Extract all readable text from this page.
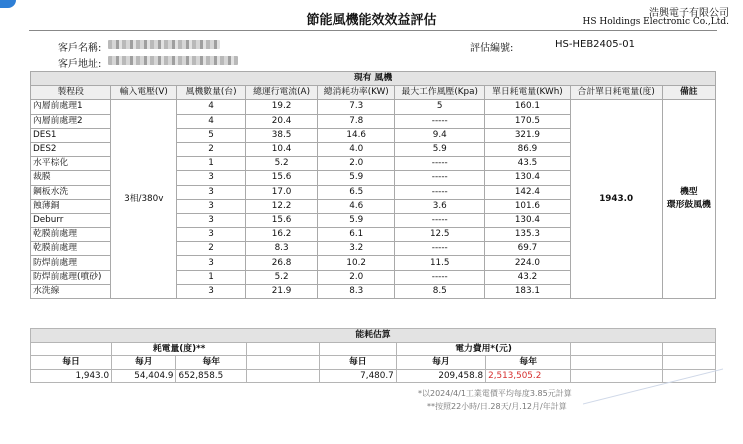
節能風機能效效益評估	浩興電子有限公司
HS Holdings Electronic Co.,Ltd.
客戶名稱:
客戶地址:
評估編號:	HS-HEB2405-01
現有 風機								
製程段	輸入電壓(V)	風機數量(台)	總運行電流(A)	總消耗功率(KW)	最大工作風壓(Kpa)	單日耗電量(KWh)	合計單日耗電量(度)	備註
內層前處理1	3相/380v	4	19.2	7.3	5	160.1	1943.0	機型
環形鼓風機

內層前處理2		4	20.4	7.8	-----	170.5		
DES1		5	38.5	14.6	9.4	321.9		
DES2		2	10.4	4.0	5.9	86.9		
水平棕化		1	5.2	2.0	-----	43.5		
裁膜		3	15.6	5.9	-----	130.4		
鋼板水洗		3	17.0	6.5	-----	142.4		
蝕薄銅		3	12.2	4.6	3.6	101.6		
Deburr		3	15.6	5.9	-----	130.4		
乾膜前處理		3	16.2	6.1	12.5	135.3		
乾膜前處理		2	8.3	3.2	-----	69.7		
防焊前處理		3	26.8	10.2	11.5	224.0		
防焊前處理(噴砂)		1	5.2	2.0	-----	43.2		
水洗線		3	21.9	8.3	8.5	183.1		
能耗估算								
	耗電量(度)**				電力費用*(元)			
每日	每月	每年		每日	每月	每年		
1,943.0	54,404.9	652,858.5		7,480.7	209,458.8	2,513,505.2		
*以2024/4/1工業電價平均每度3.85元計算
**按照22小時/日.28天/月.12月/年計算
